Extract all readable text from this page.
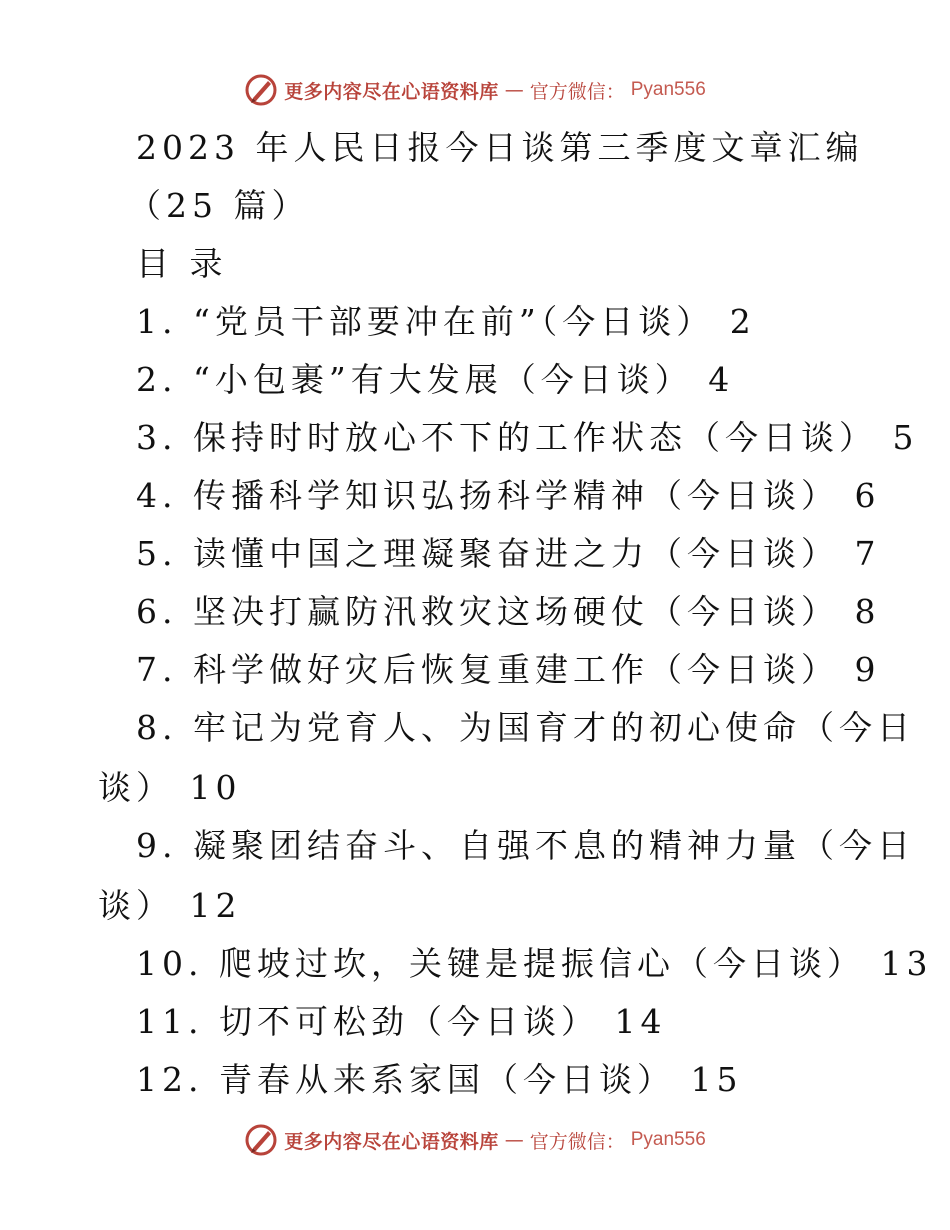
更多内容尽在心语资料库 — 官方微信： Pyan556
2023 年人民日报今日谈第三季度文章汇编
（25 篇）
目 录
1. “党员干部要冲在前”（今日谈） 2
2. “小包裹”有大发展（今日谈） 4
3. 保持时时放心不下的工作状态（今日谈） 5
4. 传播科学知识弘扬科学精神（今日谈） 6
5. 读懂中国之理凝聚奋进之力（今日谈） 7
6. 坚决打赢防汛救灾这场硬仗（今日谈） 8
7. 科学做好灾后恢复重建工作（今日谈） 9
8. 牢记为党育人、为国育才的初心使命（今日
谈） 10
9. 凝聚团结奋斗、自强不息的精神力量（今日
谈） 12
10. 爬坡过坎，关键是提振信心（今日谈） 13
11. 切不可松劲（今日谈） 14
12. 青春从来系家国（今日谈） 15
更多内容尽在心语资料库 — 官方微信： Pyan556
